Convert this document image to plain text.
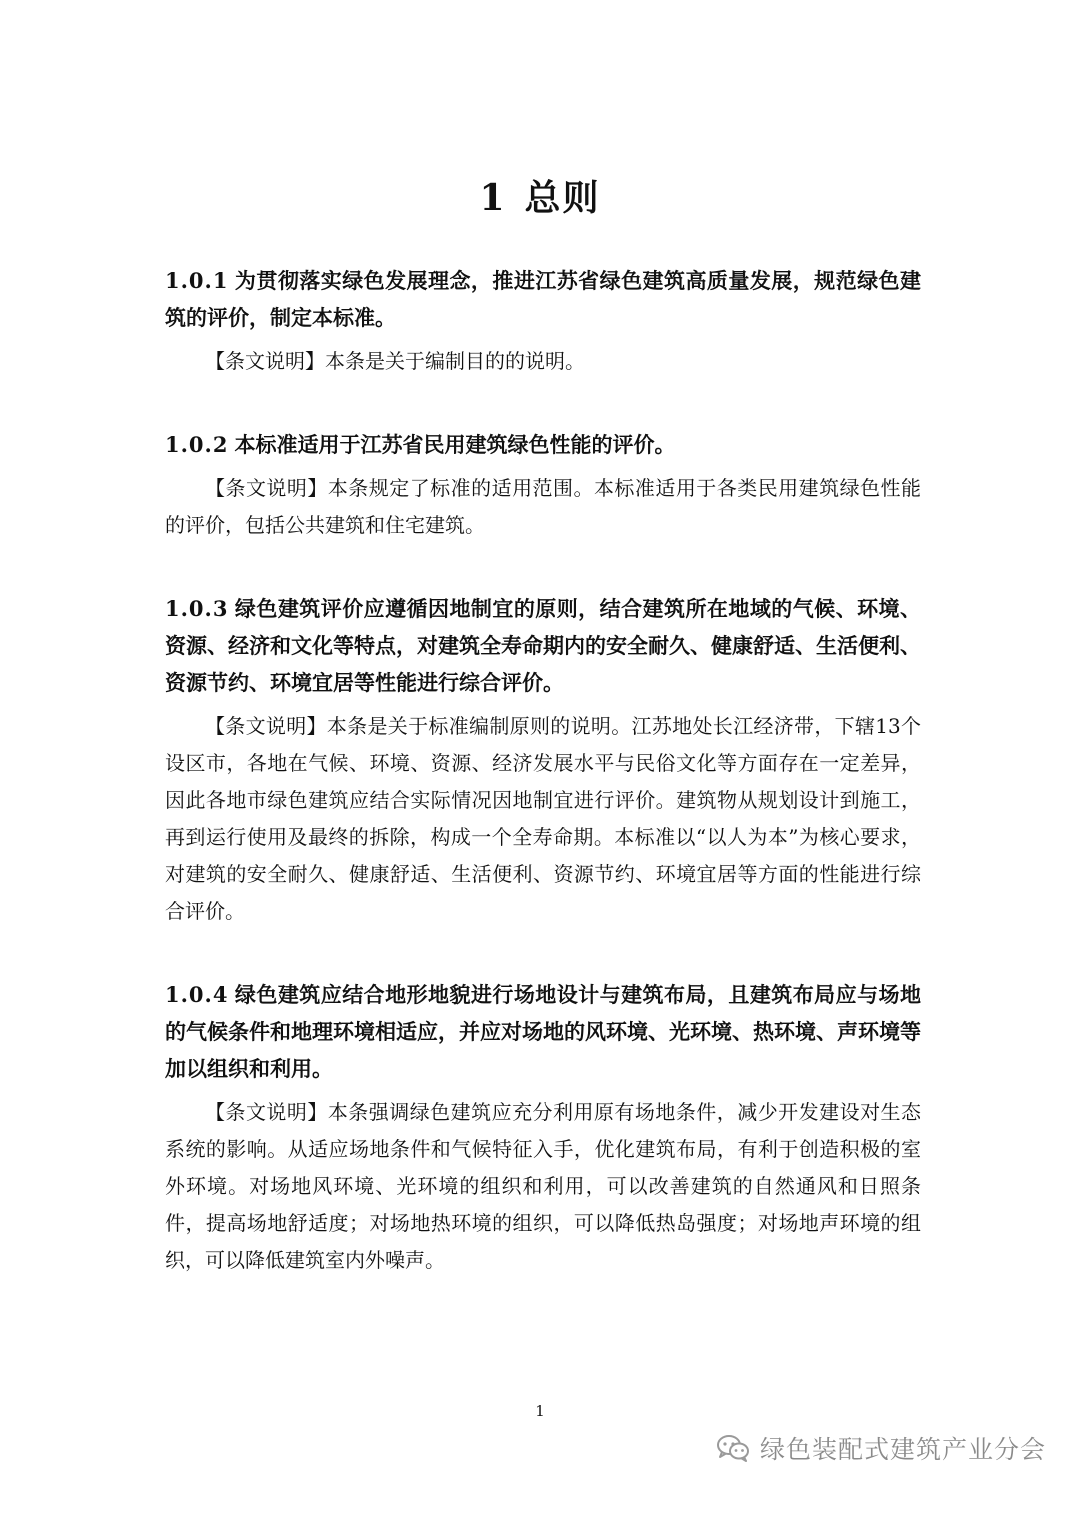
1 总则

1.0.1 为贯彻落实绿色发展理念，推进江苏省绿色建筑高质量发展，规范绿色建筑的评价，制定本标准。

【条文说明】本条是关于编制目的的说明。

1.0.2 本标准适用于江苏省民用建筑绿色性能的评价。

【条文说明】本条规定了标准的适用范围。本标准适用于各类民用建筑绿色性能的评价，包括公共建筑和住宅建筑。

1.0.3 绿色建筑评价应遵循因地制宜的原则，结合建筑所在地域的气候、环境、资源、经济和文化等特点，对建筑全寿命期内的安全耐久、健康舒适、生活便利、资源节约、环境宜居等性能进行综合评价。

【条文说明】本条是关于标准编制原则的说明。江苏地处长江经济带，下辖13个设区市，各地在气候、环境、资源、经济发展水平与民俗文化等方面存在一定差异，因此各地市绿色建筑应结合实际情况因地制宜进行评价。建筑物从规划设计到施工，再到运行使用及最终的拆除，构成一个全寿命期。本标准以“以人为本”为核心要求，对建筑的安全耐久、健康舒适、生活便利、资源节约、环境宜居等方面的性能进行综合评价。

1.0.4 绿色建筑应结合地形地貌进行场地设计与建筑布局，且建筑布局应与场地的气候条件和地理环境相适应，并应对场地的风环境、光环境、热环境、声环境等加以组织和利用。

【条文说明】本条强调绿色建筑应充分利用原有场地条件，减少开发建设对生态系统的影响。从适应场地条件和气候特征入手，优化建筑布局，有利于创造积极的室外环境。对场地风环境、光环境的组织和利用，可以改善建筑的自然通风和日照条件，提高场地舒适度；对场地热环境的组织，可以降低热岛强度；对场地声环境的组织，可以降低建筑室内外噪声。

1
绿色装配式建筑产业分会
